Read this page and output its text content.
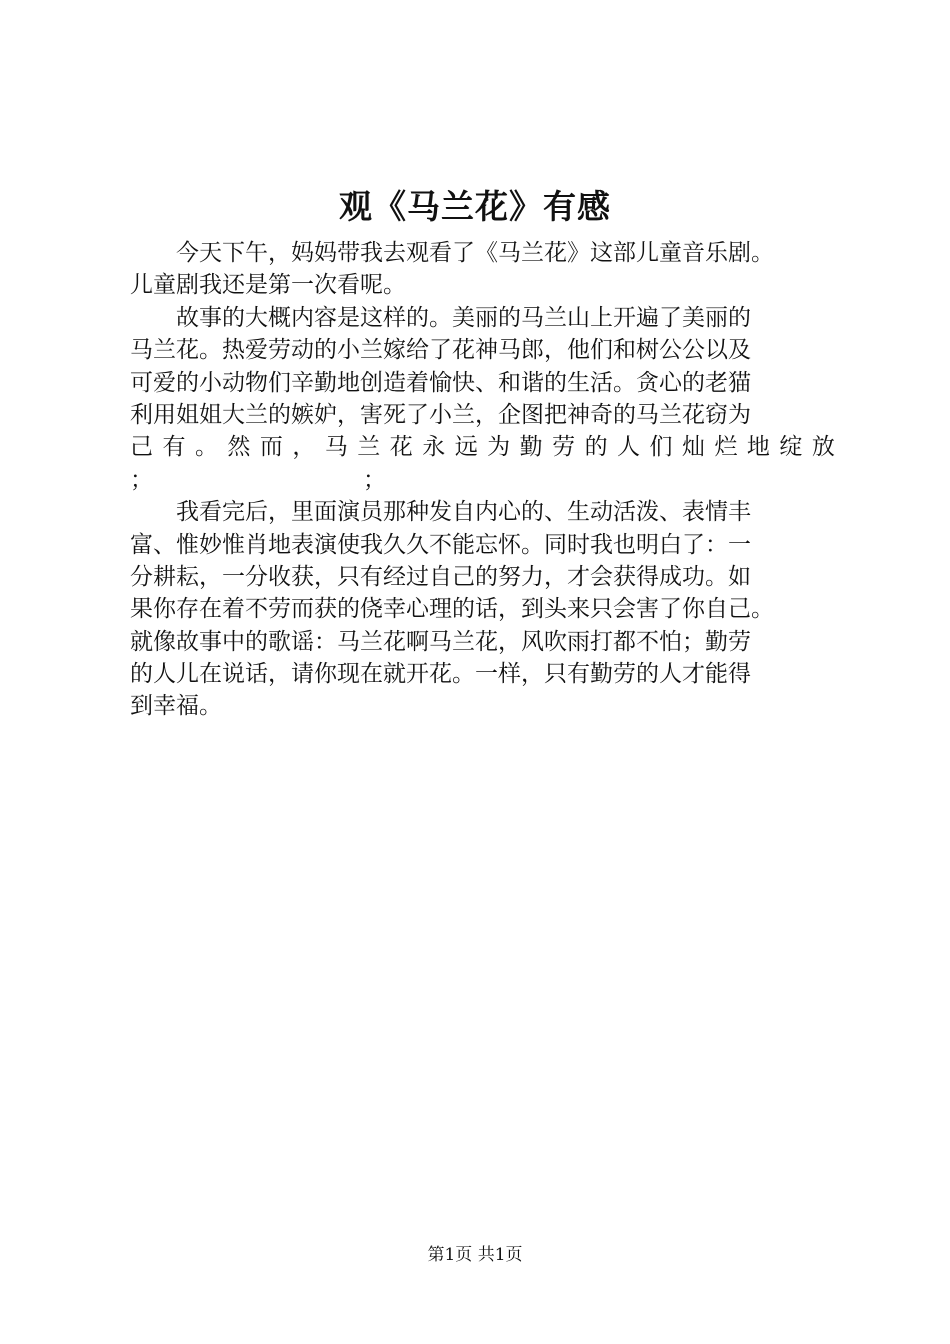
观《马兰花》有感
今天下午，妈妈带我去观看了《马兰花》这部儿童音乐剧。
儿童剧我还是第一次看呢。
故事的大概内容是这样的。美丽的马兰山上开遍了美丽的
马兰花。热爱劳动的小兰嫁给了花神马郎，他们和树公公以及
可爱的小动物们辛勤地创造着愉快、和谐的生活。贪心的老猫
利用姐姐大兰的嫉妒，害死了小兰，企图把神奇的马兰花窃为
己 有 。 然 而 ， 马 兰 花 永 远 为 勤 劳 的 人 们 灿 烂 地 绽 放
；	；
我看完后，里面演员那种发自内心的、生动活泼、表情丰
富、惟妙惟肖地表演使我久久不能忘怀。同时我也明白了：一
分耕耘，一分收获，只有经过自己的努力，才会获得成功。如
果你存在着不劳而获的侥幸心理的话，到头来只会害了你自己。
就像故事中的歌谣：马兰花啊马兰花，风吹雨打都不怕；勤劳
的人儿在说话，请你现在就开花。一样，只有勤劳的人才能得
到幸福。
第1页 共1页
